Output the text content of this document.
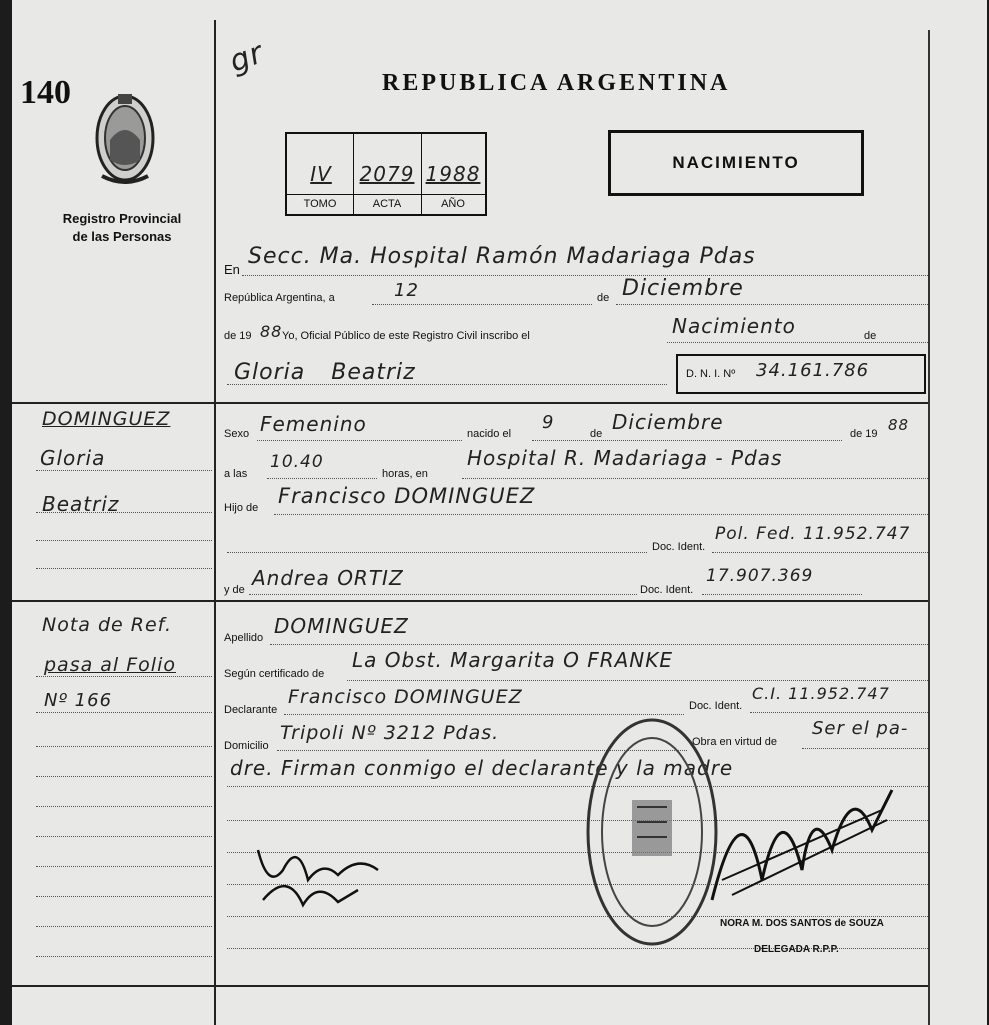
140
Registro Provincial
de las Personas
gr
REPUBLICA ARGENTINA
IV	2079 1988
TOMO	ACTA	AÑO
NACIMIENTO
En
Secc. Ma. Hospital Ramón Madariaga Pdas
República Argentina, a	12	de Diciembre
de 19 88 Yo, Oficial Público de este Registro Civil inscribo el	Nacimiento	de
Gloria Beatriz	D. N. I. Nº 34.161.786
Sexo Femenino	nacido el
9
de Diciembre	de 19 88
a las
10.40
horas, en
Hospital R. Madariaga - Pdas
Hijo de Francisco DOMINGUEZ
Doc. Ident.
Pol. Fed. 11.952.747
y de Andrea ORTIZ	Doc. Ident.
17.907.369
Apellido DOMINGUEZ
Según certificado de
La Obst. Margarita O FRANKE
Declarante
Francisco DOMINGUEZ	Doc. Ident.
C.I. 11.952.747
Domicilio
Tripoli Nº 3212 Pdas.	Obra en virtud de
Ser el pa-
dre. Firman conmigo el declarante y la madre
NORA M. DOS SANTOS de SOUZA
DELEGADA R.P.P.
DOMINGUEZ
Gloria
Beatriz
Nota de Ref.
pasa al Folio
Nº 166
